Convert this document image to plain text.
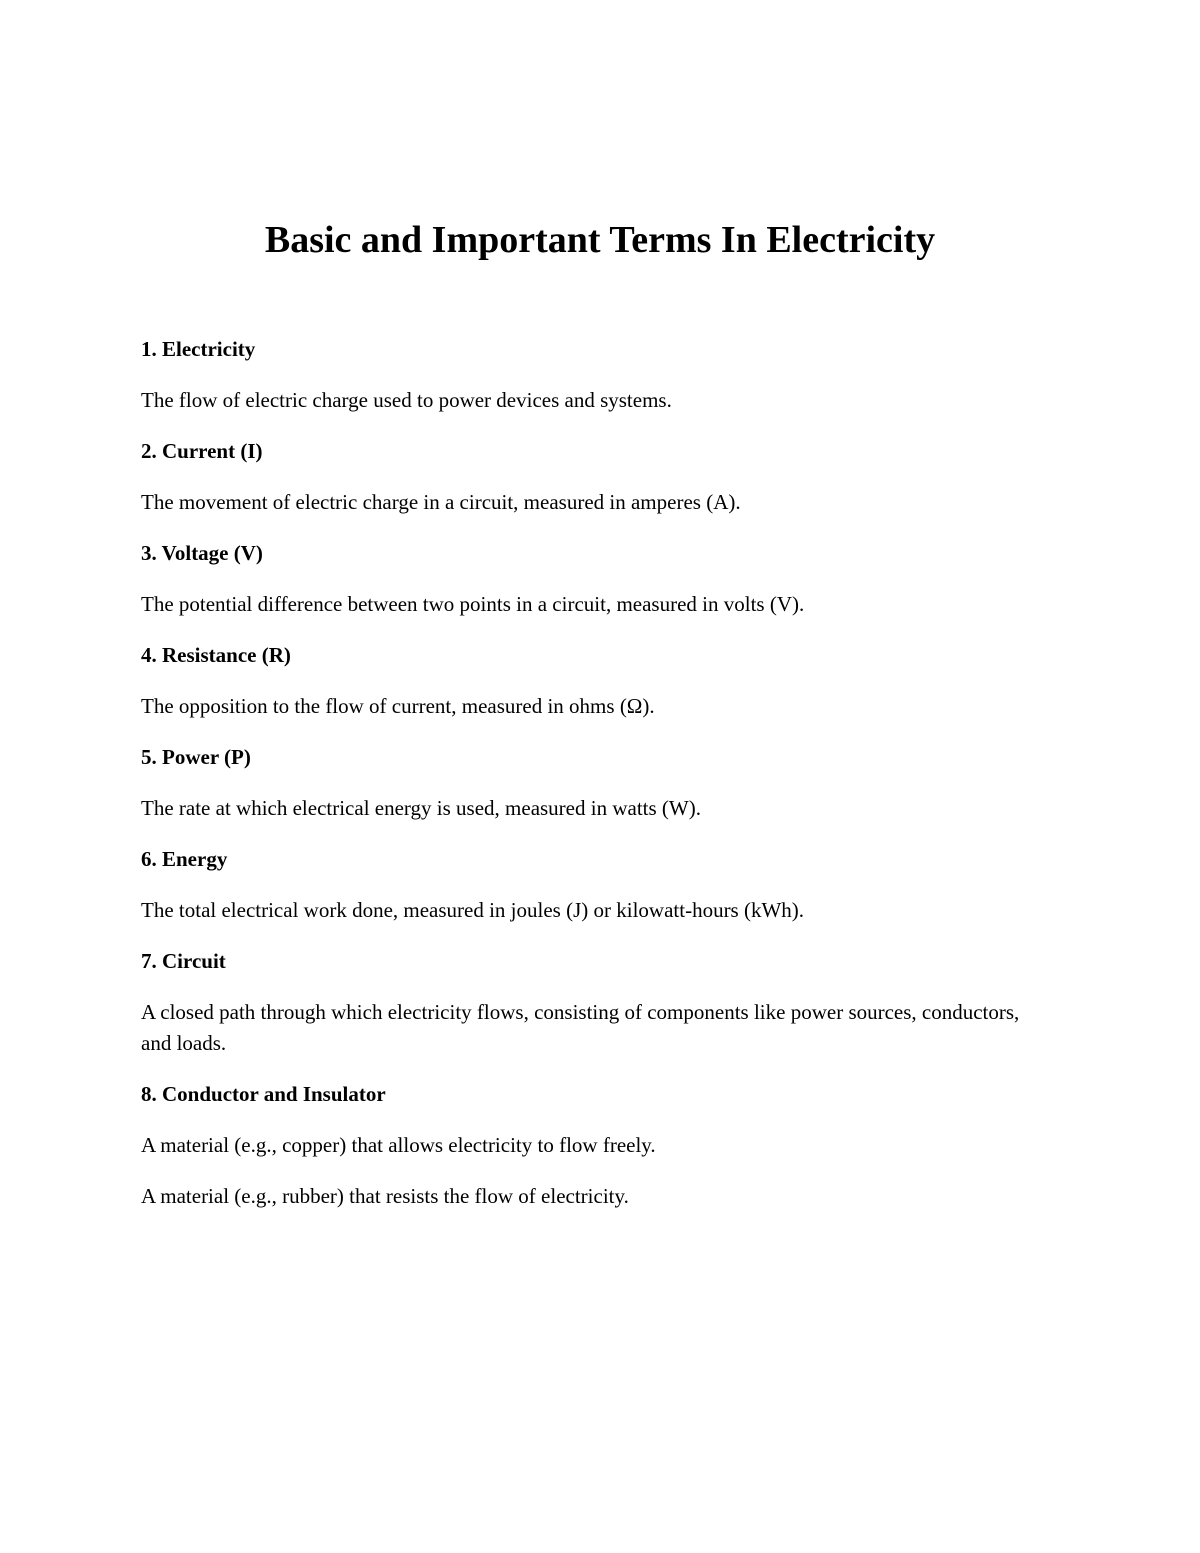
Basic and Important Terms In Electricity

1. Electricity

The flow of electric charge used to power devices and systems.

2. Current (I)

The movement of electric charge in a circuit, measured in amperes (A).

3. Voltage (V)

The potential difference between two points in a circuit, measured in volts (V).

4. Resistance (R)

The opposition to the flow of current, measured in ohms (Ω).

5. Power (P)

The rate at which electrical energy is used, measured in watts (W).

6. Energy

The total electrical work done, measured in joules (J) or kilowatt-hours (kWh).

7. Circuit

A closed path through which electricity flows, consisting of components like power sources, conductors, and loads.

8. Conductor and Insulator

A material (e.g., copper) that allows electricity to flow freely.

A material (e.g., rubber) that resists the flow of electricity.
